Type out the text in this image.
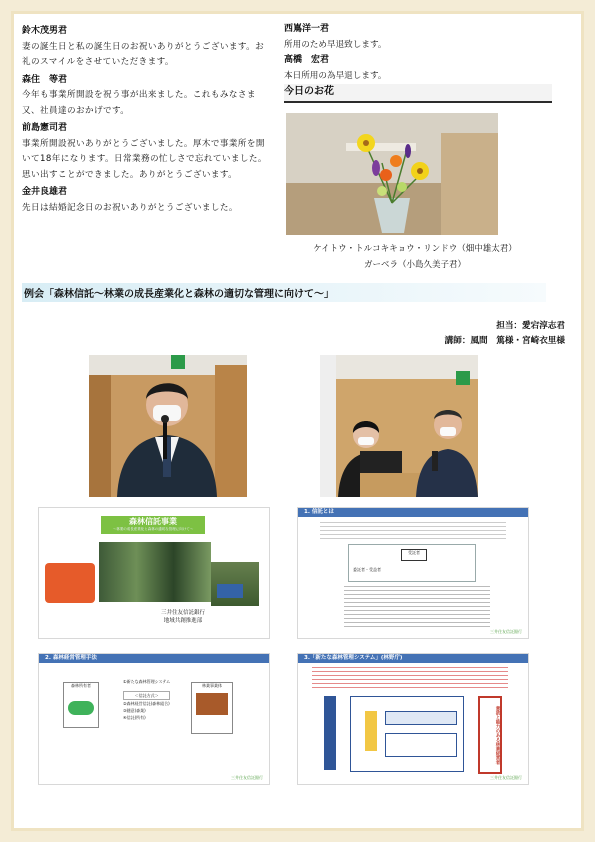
鈴木茂男君
妻の誕生日と私の誕生日のお祝いありがとうございます。お礼のスマイルをさせていただきます。
森住　等君
今年も事業所開設を祝う事が出来ました。これもみなさま又、社員達のおかげです。
前島憲司君
事業所開設祝いありがとうございました。厚木で事業所を開いて18年になります。日常業務の忙しさで忘れていました。思い出すことができました。ありがとうございます。
金井良雄君
先日は結婚記念日のお祝いありがとうございました。
西嶌洋一君
所用のため早退致します。
高橋　宏君
本日所用の為早退します。
今日のお花
ケイトウ・トルコキキョウ・リンドウ（畑中雄太君）
ガーベラ（小島久美子君）
例会「森林信託～林業の成長産業化と森林の適切な管理に向けて～」
担当：愛宕淳志君
講師：風間　篤様・宮崎衣里様
森林信託事業
～林業の成長産業化と森林の適切な管理に向けて～
三井住友信託銀行
地域共創推進部
1. 信託とは
受託者
委託者・受益者
三井住友信託銀行
2. 森林経営管理手法
森林所有者
①新たな森林管理システム
＜信託方式＞
②森林経営信託(森林組合)
③随意(森業)
④信託(所有)
林業事業体
三井住友信託銀行
3.「新たな森林管理システム」(林野庁)
意欲と能力のある林業経営者
三井住友信託銀行
